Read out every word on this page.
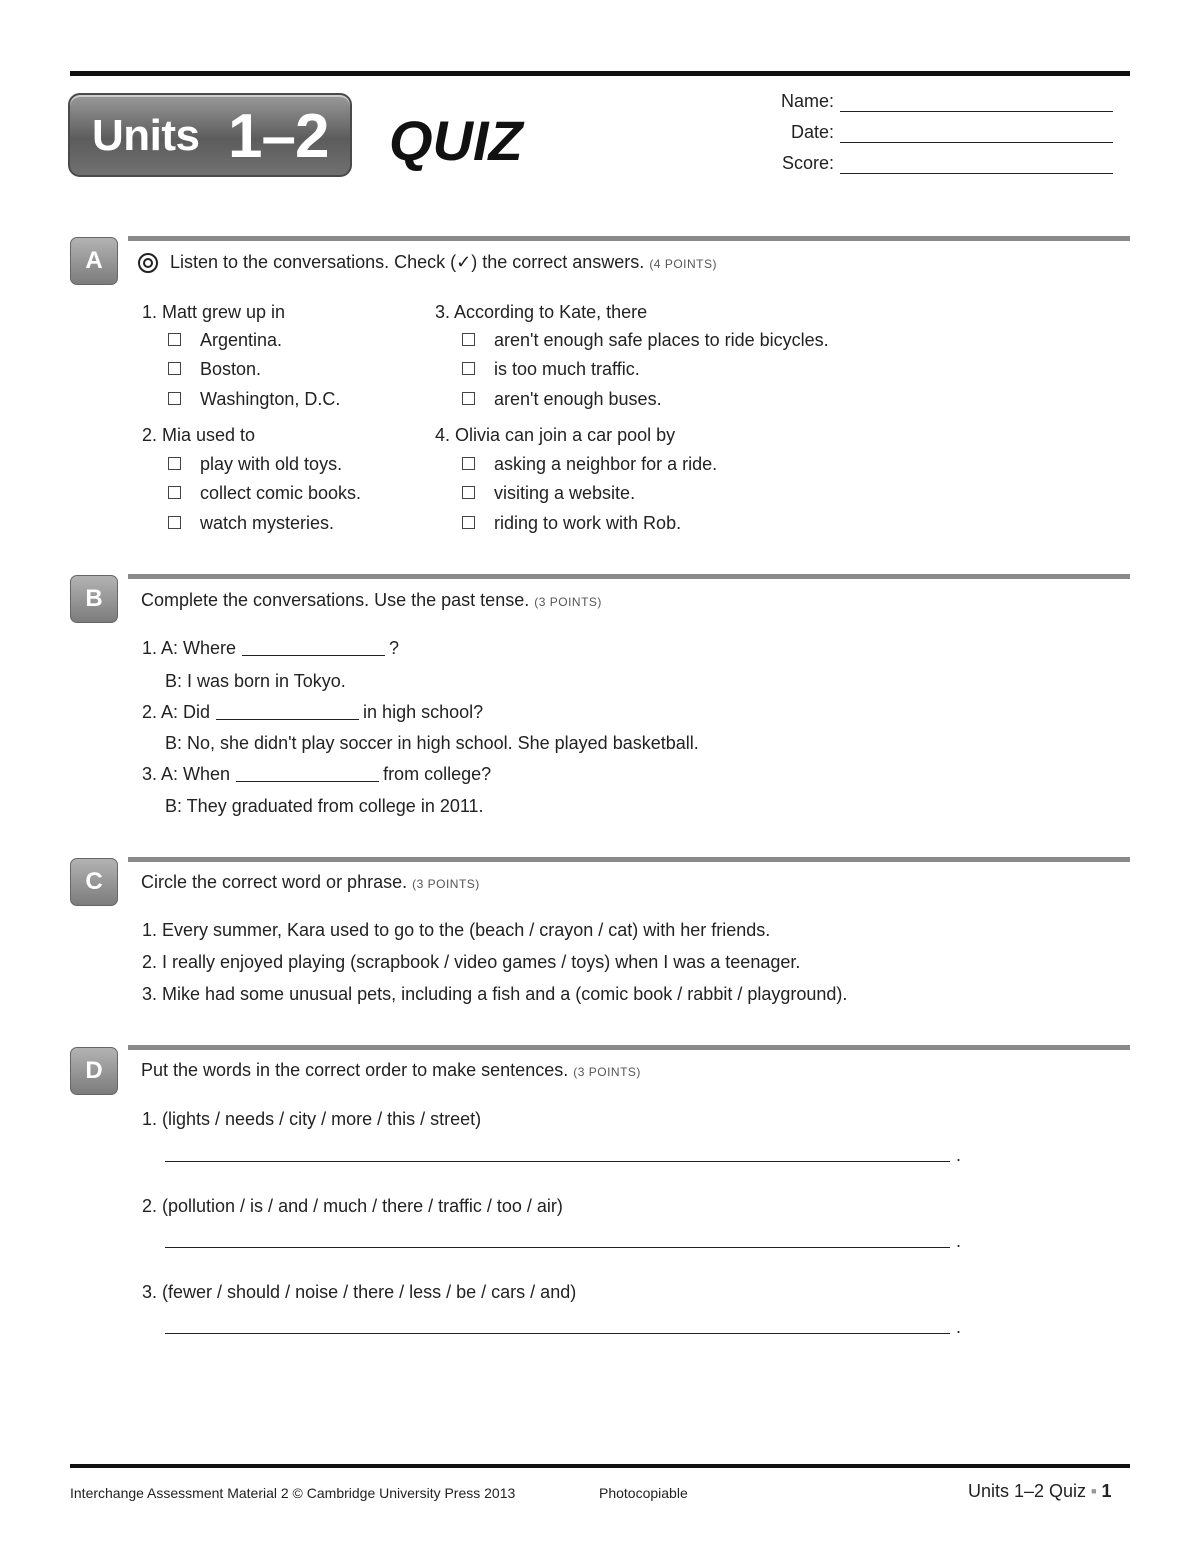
Units 1–2 QUIZ
Name:
Date:
Score:
A	Listen to the conversations. Check (✓) the correct answers. (4 POINTS)
1. Matt grew up in
Argentina.
Boston.
Washington, D.C.
2. Mia used to
play with old toys.
collect comic books.
watch mysteries.
3. According to Kate, there
aren't enough safe places to ride bicycles.
is too much traffic.
aren't enough buses.
4. Olivia can join a car pool by
asking a neighbor for a ride.
visiting a website.
riding to work with Rob.
B	Complete the conversations. Use the past tense. (3 POINTS)
1. A: Where	?
B: I was born in Tokyo.
2. A: Did	in high school?
B: No, she didn't play soccer in high school. She played basketball.
3. A: When	from college?
B: They graduated from college in 2011.
C	Circle the correct word or phrase. (3 POINTS)
1. Every summer, Kara used to go to the (beach / crayon / cat) with her friends.
2. I really enjoyed playing (scrapbook / video games / toys) when I was a teenager.
3. Mike had some unusual pets, including a fish and a (comic book / rabbit / playground).
D	Put the words in the correct order to make sentences. (3 POINTS)
1. (lights / needs / city / more / this / street)
.
2. (pollution / is / and / much / there / traffic / too / air)
.
3. (fewer / should / noise / there / less / be / cars / and)
.
Interchange Assessment Material 2 © Cambridge University Press 2013	Photocopiable	Units 1–2 Quiz ■ 1
